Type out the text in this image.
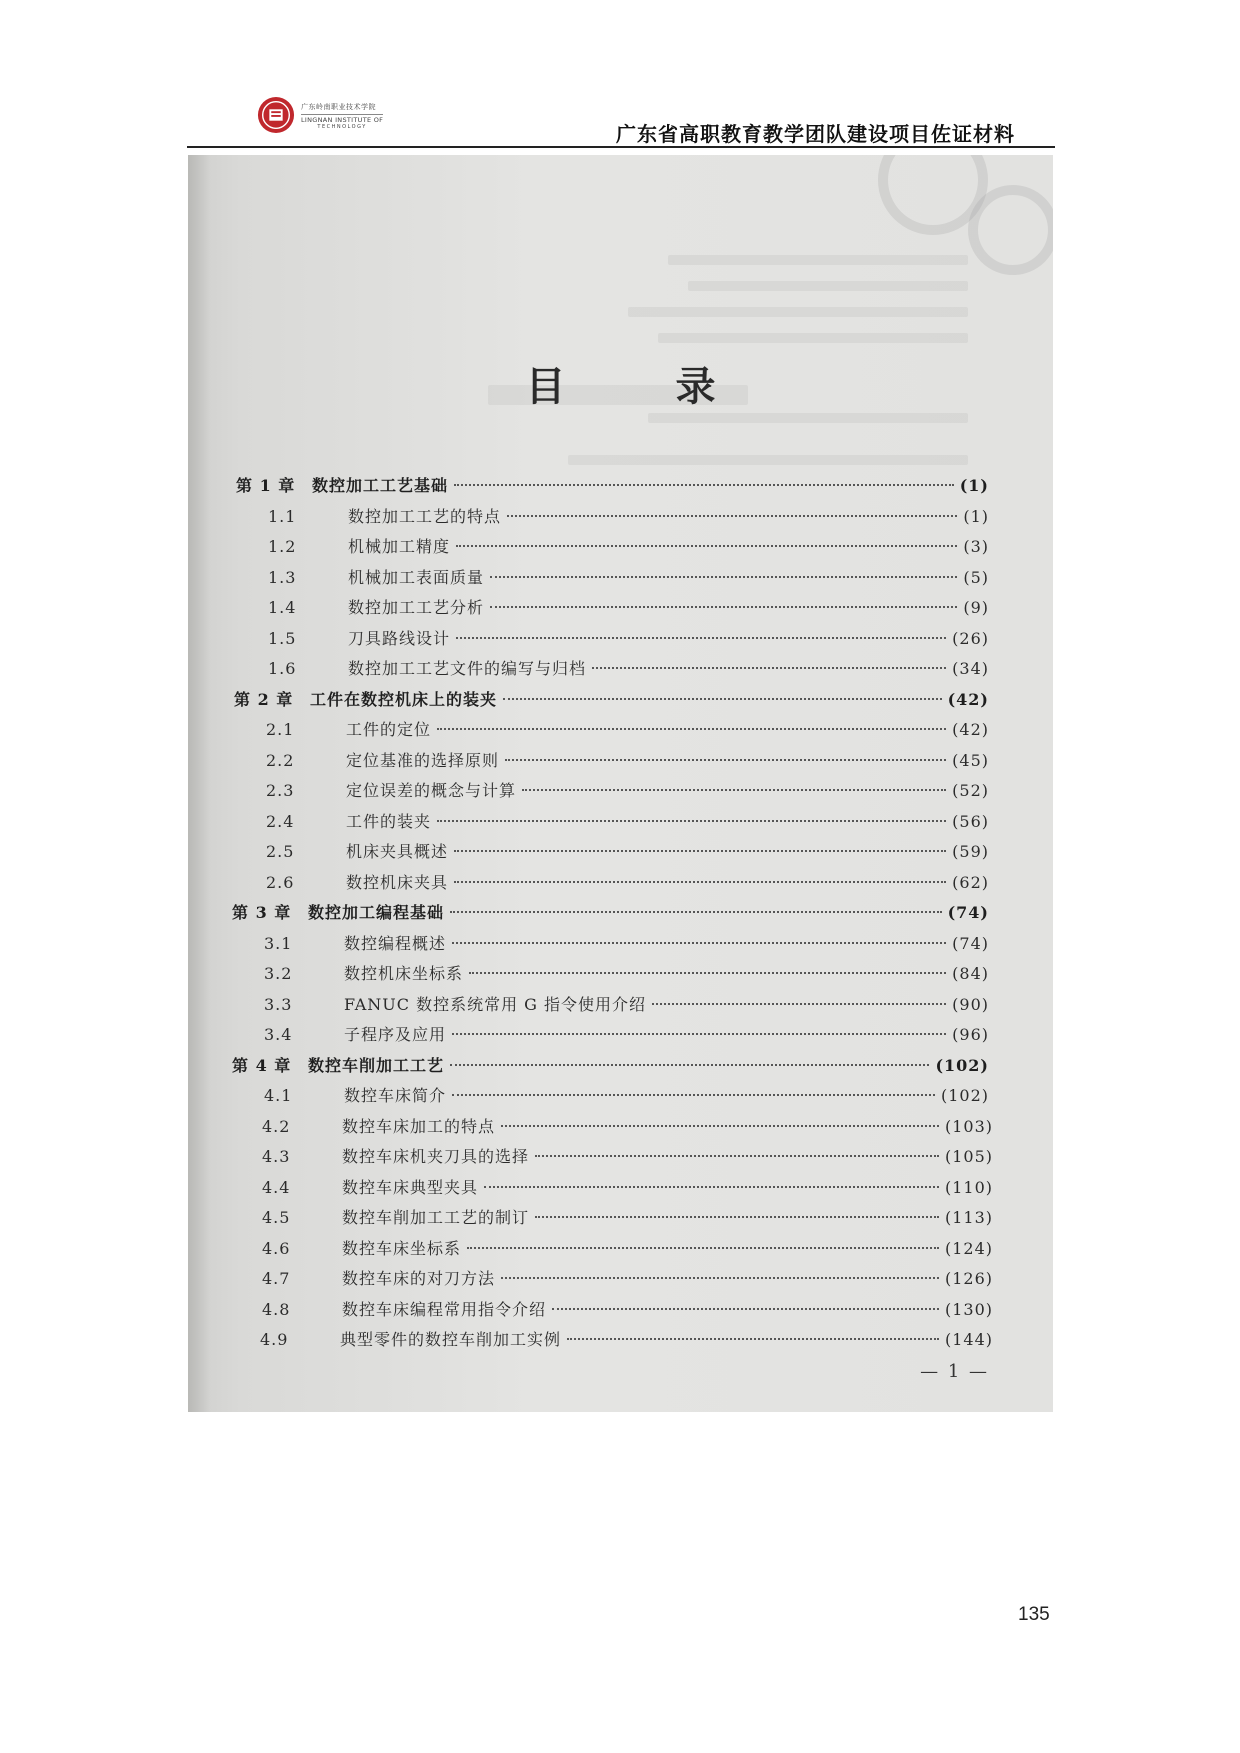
广东岭南职业技术学院
LINGNAN INSTITUTE OF
TECHNOLOGY	广东省高职教育教学团队建设项目佐证材料
目 录
第 1 章	数控加工工艺基础	(1)
1.1	数控加工工艺的特点	(1)
1.2	机械加工精度	(3)
1.3	机械加工表面质量	(5)
1.4	数控加工工艺分析	(9)
1.5	刀具路线设计	(26)
1.6	数控加工工艺文件的编写与归档	(34)
第 2 章	工件在数控机床上的装夹	(42)
2.1	工件的定位	(42)
2.2	定位基准的选择原则	(45)
2.3	定位误差的概念与计算	(52)
2.4	工件的装夹	(56)
2.5	机床夹具概述	(59)
2.6	数控机床夹具	(62)
第 3 章	数控加工编程基础	(74)
3.1	数控编程概述	(74)
3.2	数控机床坐标系	(84)
3.3	FANUC 数控系统常用 G 指令使用介绍	(90)
3.4	子程序及应用	(96)
第 4 章	数控车削加工工艺	(102)
4.1	数控车床简介	(102)
4.2	数控车床加工的特点	(103)
4.3	数控车床机夹刀具的选择	(105)
4.4	数控车床典型夹具	(110)
4.5	数控车削加工工艺的制订	(113)
4.6	数控车床坐标系	(124)
4.7	数控车床的对刀方法	(126)
4.8	数控车床编程常用指令介绍	(130)
4.9	典型零件的数控车削加工实例	(144)
— 1 —
135
